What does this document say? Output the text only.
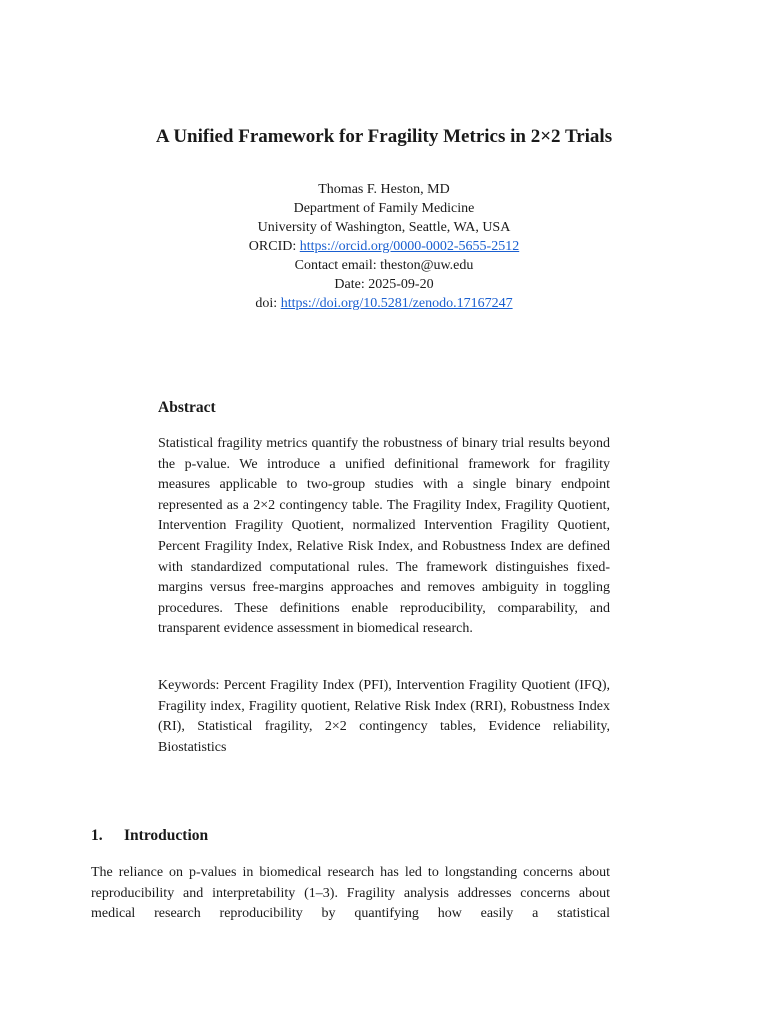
A Unified Framework for Fragility Metrics in 2×2 Trials
Thomas F. Heston, MD
Department of Family Medicine
University of Washington, Seattle, WA, USA
ORCID: https://orcid.org/0000-0002-5655-2512
Contact email: theston@uw.edu
Date: 2025-09-20
doi: https://doi.org/10.5281/zenodo.17167247
Abstract

Statistical fragility metrics quantify the robustness of binary trial results beyond the p-value. We introduce a unified definitional framework for fragility measures applicable to two-group studies with a single binary endpoint represented as a 2×2 contingency table. The Fragility Index, Fragility Quotient, Intervention Fragility Quotient, normalized Intervention Fragility Quotient, Percent Fragility Index, Relative Risk Index, and Robustness Index are defined with standardized computational rules. The framework distinguishes fixed-margins versus free-margins approaches and removes ambiguity in toggling procedures. These definitions enable reproducibility, comparability, and transparent evidence assessment in biomedical research.

Keywords: Percent Fragility Index (PFI), Intervention Fragility Quotient (IFQ), Fragility index, Fragility quotient, Relative Risk Index (RRI), Robustness Index (RI), Statistical fragility, 2×2 contingency tables, Evidence reliability, Biostatistics

1. Introduction

The reliance on p-values in biomedical research has led to longstanding concerns about reproducibility and interpretability (1–3). Fragility analysis addresses concerns about medical research reproducibility by quantifying how easily a statistical
